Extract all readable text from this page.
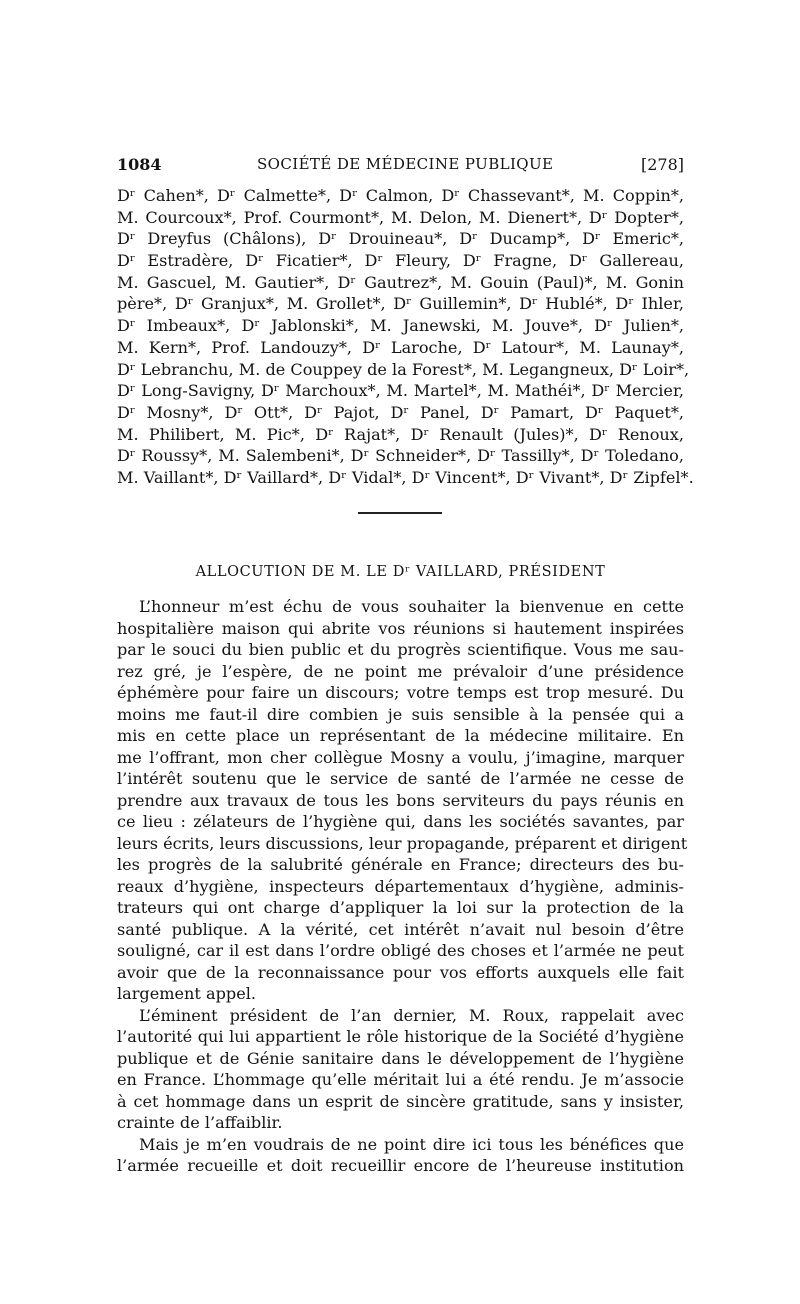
1084	SOCIÉTÉ DE MÉDECINE PUBLIQUE	[278]
Dʳ Cahen*, Dʳ Calmette*, Dʳ Calmon, Dʳ Chassevant*, M. Coppin*,
M. Courcoux*, Prof. Courmont*, M. Delon, M. Dienert*, Dʳ Dopter*,
Dʳ Dreyfus (Châlons), Dʳ Drouineau*, Dʳ Ducamp*, Dʳ Emeric*,
Dʳ Estradère, Dʳ Ficatier*, Dʳ Fleury, Dʳ Fragne, Dʳ Gallereau,
M. Gascuel, M. Gautier*, Dʳ Gautrez*, M. Gouin (Paul)*, M. Gonin
père*, Dʳ Granjux*, M. Grollet*, Dʳ Guillemin*, Dʳ Hublé*, Dʳ Ihler,
Dʳ Imbeaux*, Dʳ Jablonski*, M. Janewski, M. Jouve*, Dʳ Julien*,
M. Kern*, Prof. Landouzy*, Dʳ Laroche, Dʳ Latour*, M. Launay*,
Dʳ Lebranchu, M. de Couppey de la Forest*, M. Legangneux, Dʳ Loir*,
Dʳ Long-Savigny, Dʳ Marchoux*, M. Martel*, M. Mathéi*, Dʳ Mercier,
Dʳ Mosny*, Dʳ Ott*, Dʳ Pajot, Dʳ Panel, Dʳ Pamart, Dʳ Paquet*,
M. Philibert, M. Pic*, Dʳ Rajat*, Dʳ Renault (Jules)*, Dʳ Renoux,
Dʳ Roussy*, M. Salembeni*, Dʳ Schneider*, Dʳ Tassilly*, Dʳ Toledano,
M. Vaillant*, Dʳ Vaillard*, Dʳ Vidal*, Dʳ Vincent*, Dʳ Vivant*, Dʳ Zipfel*.
ALLOCUTION DE M. LE Dʳ VAILLARD, PRÉSIDENT
L’honneur m’est échu de vous souhaiter la bienvenue en cette
hospitalière maison qui abrite vos réunions si hautement inspirées
par le souci du bien public et du progrès scientifique. Vous me sau-
rez gré, je l’espère, de ne point me prévaloir d’une présidence
éphémère pour faire un discours; votre temps est trop mesuré. Du
moins me faut-il dire combien je suis sensible à la pensée qui a
mis en cette place un représentant de la médecine militaire. En
me l’offrant, mon cher collègue Mosny a voulu, j’imagine, marquer
l’intérêt soutenu que le service de santé de l’armée ne cesse de
prendre aux travaux de tous les bons serviteurs du pays réunis en
ce lieu : zélateurs de l’hygiène qui, dans les sociétés savantes, par
leurs écrits, leurs discussions, leur propagande, préparent et dirigent
les progrès de la salubrité générale en France; directeurs des bu-
reaux d’hygiène, inspecteurs départementaux d’hygiène, adminis-
trateurs qui ont charge d’appliquer la loi sur la protection de la
santé publique. A la vérité, cet intérêt n’avait nul besoin d’être
souligné, car il est dans l’ordre obligé des choses et l’armée ne peut
avoir que de la reconnaissance pour vos efforts auxquels elle fait
largement appel.
L’éminent président de l’an dernier, M. Roux, rappelait avec
l’autorité qui lui appartient le rôle historique de la Société d’hygiène
publique et de Génie sanitaire dans le développement de l’hygiène
en France. L’hommage qu’elle méritait lui a été rendu. Je m’associe
à cet hommage dans un esprit de sincère gratitude, sans y insister,
crainte de l’affaiblir.
Mais je m’en voudrais de ne point dire ici tous les bénéfices que
l’armée recueille et doit recueillir encore de l’heureuse institution
